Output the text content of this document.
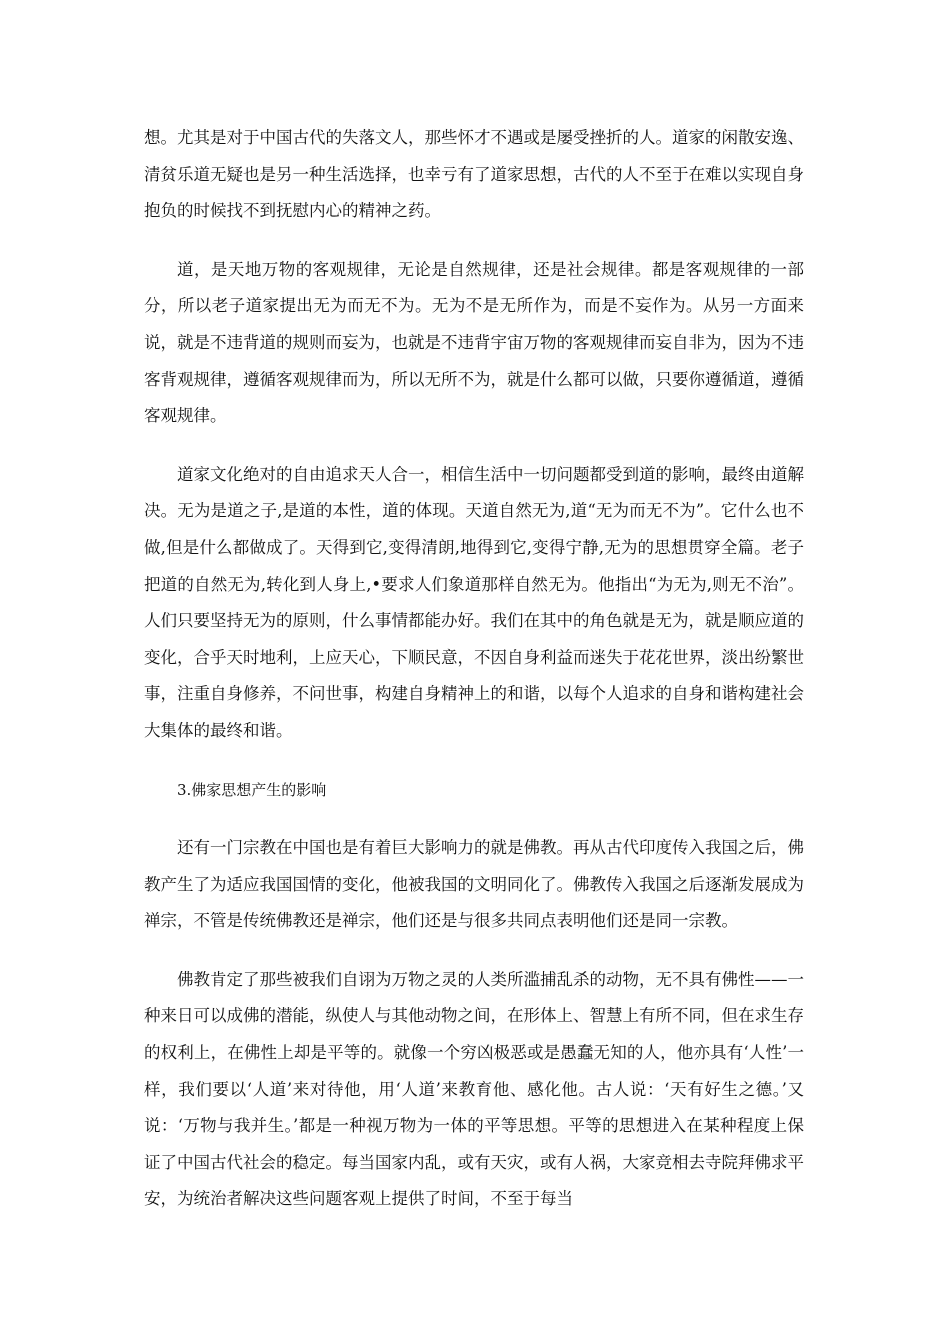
想。尤其是对于中国古代的失落文人，那些怀才不遇或是屡受挫折的人。道家的闲散安逸、清贫乐道无疑也是另一种生活选择，也幸亏有了道家思想，古代的人不至于在难以实现自身抱负的时候找不到抚慰内心的精神之药。

道，是天地万物的客观规律，无论是自然规律，还是社会规律。都是客观规律的一部分，所以老子道家提出无为而无不为。无为不是无所作为，而是不妄作为。从另一方面来说，就是不违背道的规则而妄为，也就是不违背宇宙万物的客观规律而妄自非为，因为不违客背观规律，遵循客观规律而为，所以无所不为，就是什么都可以做，只要你遵循道，遵循客观规律。

道家文化绝对的自由追求天人合一，相信生活中一切问题都受到道的影响，最终由道解决。无为是道之子,是道的本性，道的体现。天道自然无为,道“无为而无不为”。它什么也不做,但是什么都做成了。天得到它,变得清朗,地得到它,变得宁静,无为的思想贯穿全篇。老子把道的自然无为,转化到人身上,•要求人们象道那样自然无为。他指出“为无为,则无不治”。人们只要坚持无为的原则，什么事情都能办好。我们在其中的角色就是无为，就是顺应道的变化，合乎天时地利，上应天心，下顺民意，不因自身利益而迷失于花花世界，淡出纷繁世事，注重自身修养，不问世事，构建自身精神上的和谐，以每个人追求的自身和谐构建社会大集体的最终和谐。

3.佛家思想产生的影响

还有一门宗教在中国也是有着巨大影响力的就是佛教。再从古代印度传入我国之后，佛教产生了为适应我国国情的变化，他被我国的文明同化了。佛教传入我国之后逐渐发展成为禅宗，不管是传统佛教还是禅宗，他们还是与很多共同点表明他们还是同一宗教。

佛教肯定了那些被我们自诩为万物之灵的人类所滥捕乱杀的动物，无不具有佛性——一种来日可以成佛的潜能，纵使人与其他动物之间，在形体上、智慧上有所不同，但在求生存的权利上，在佛性上却是平等的。就像一个穷凶极恶或是愚蠢无知的人，他亦具有‘人性’一样，我们要以‘人道’来对待他，用‘人道’来教育他、感化他。古人说：‘天有好生之德。’又说：‘万物与我并生。’都是一种视万物为一体的平等思想。平等的思想进入在某种程度上保证了中国古代社会的稳定。每当国家内乱，或有天灾，或有人祸，大家竞相去寺院拜佛求平安，为统治者解决这些问题客观上提供了时间，不至于每当
